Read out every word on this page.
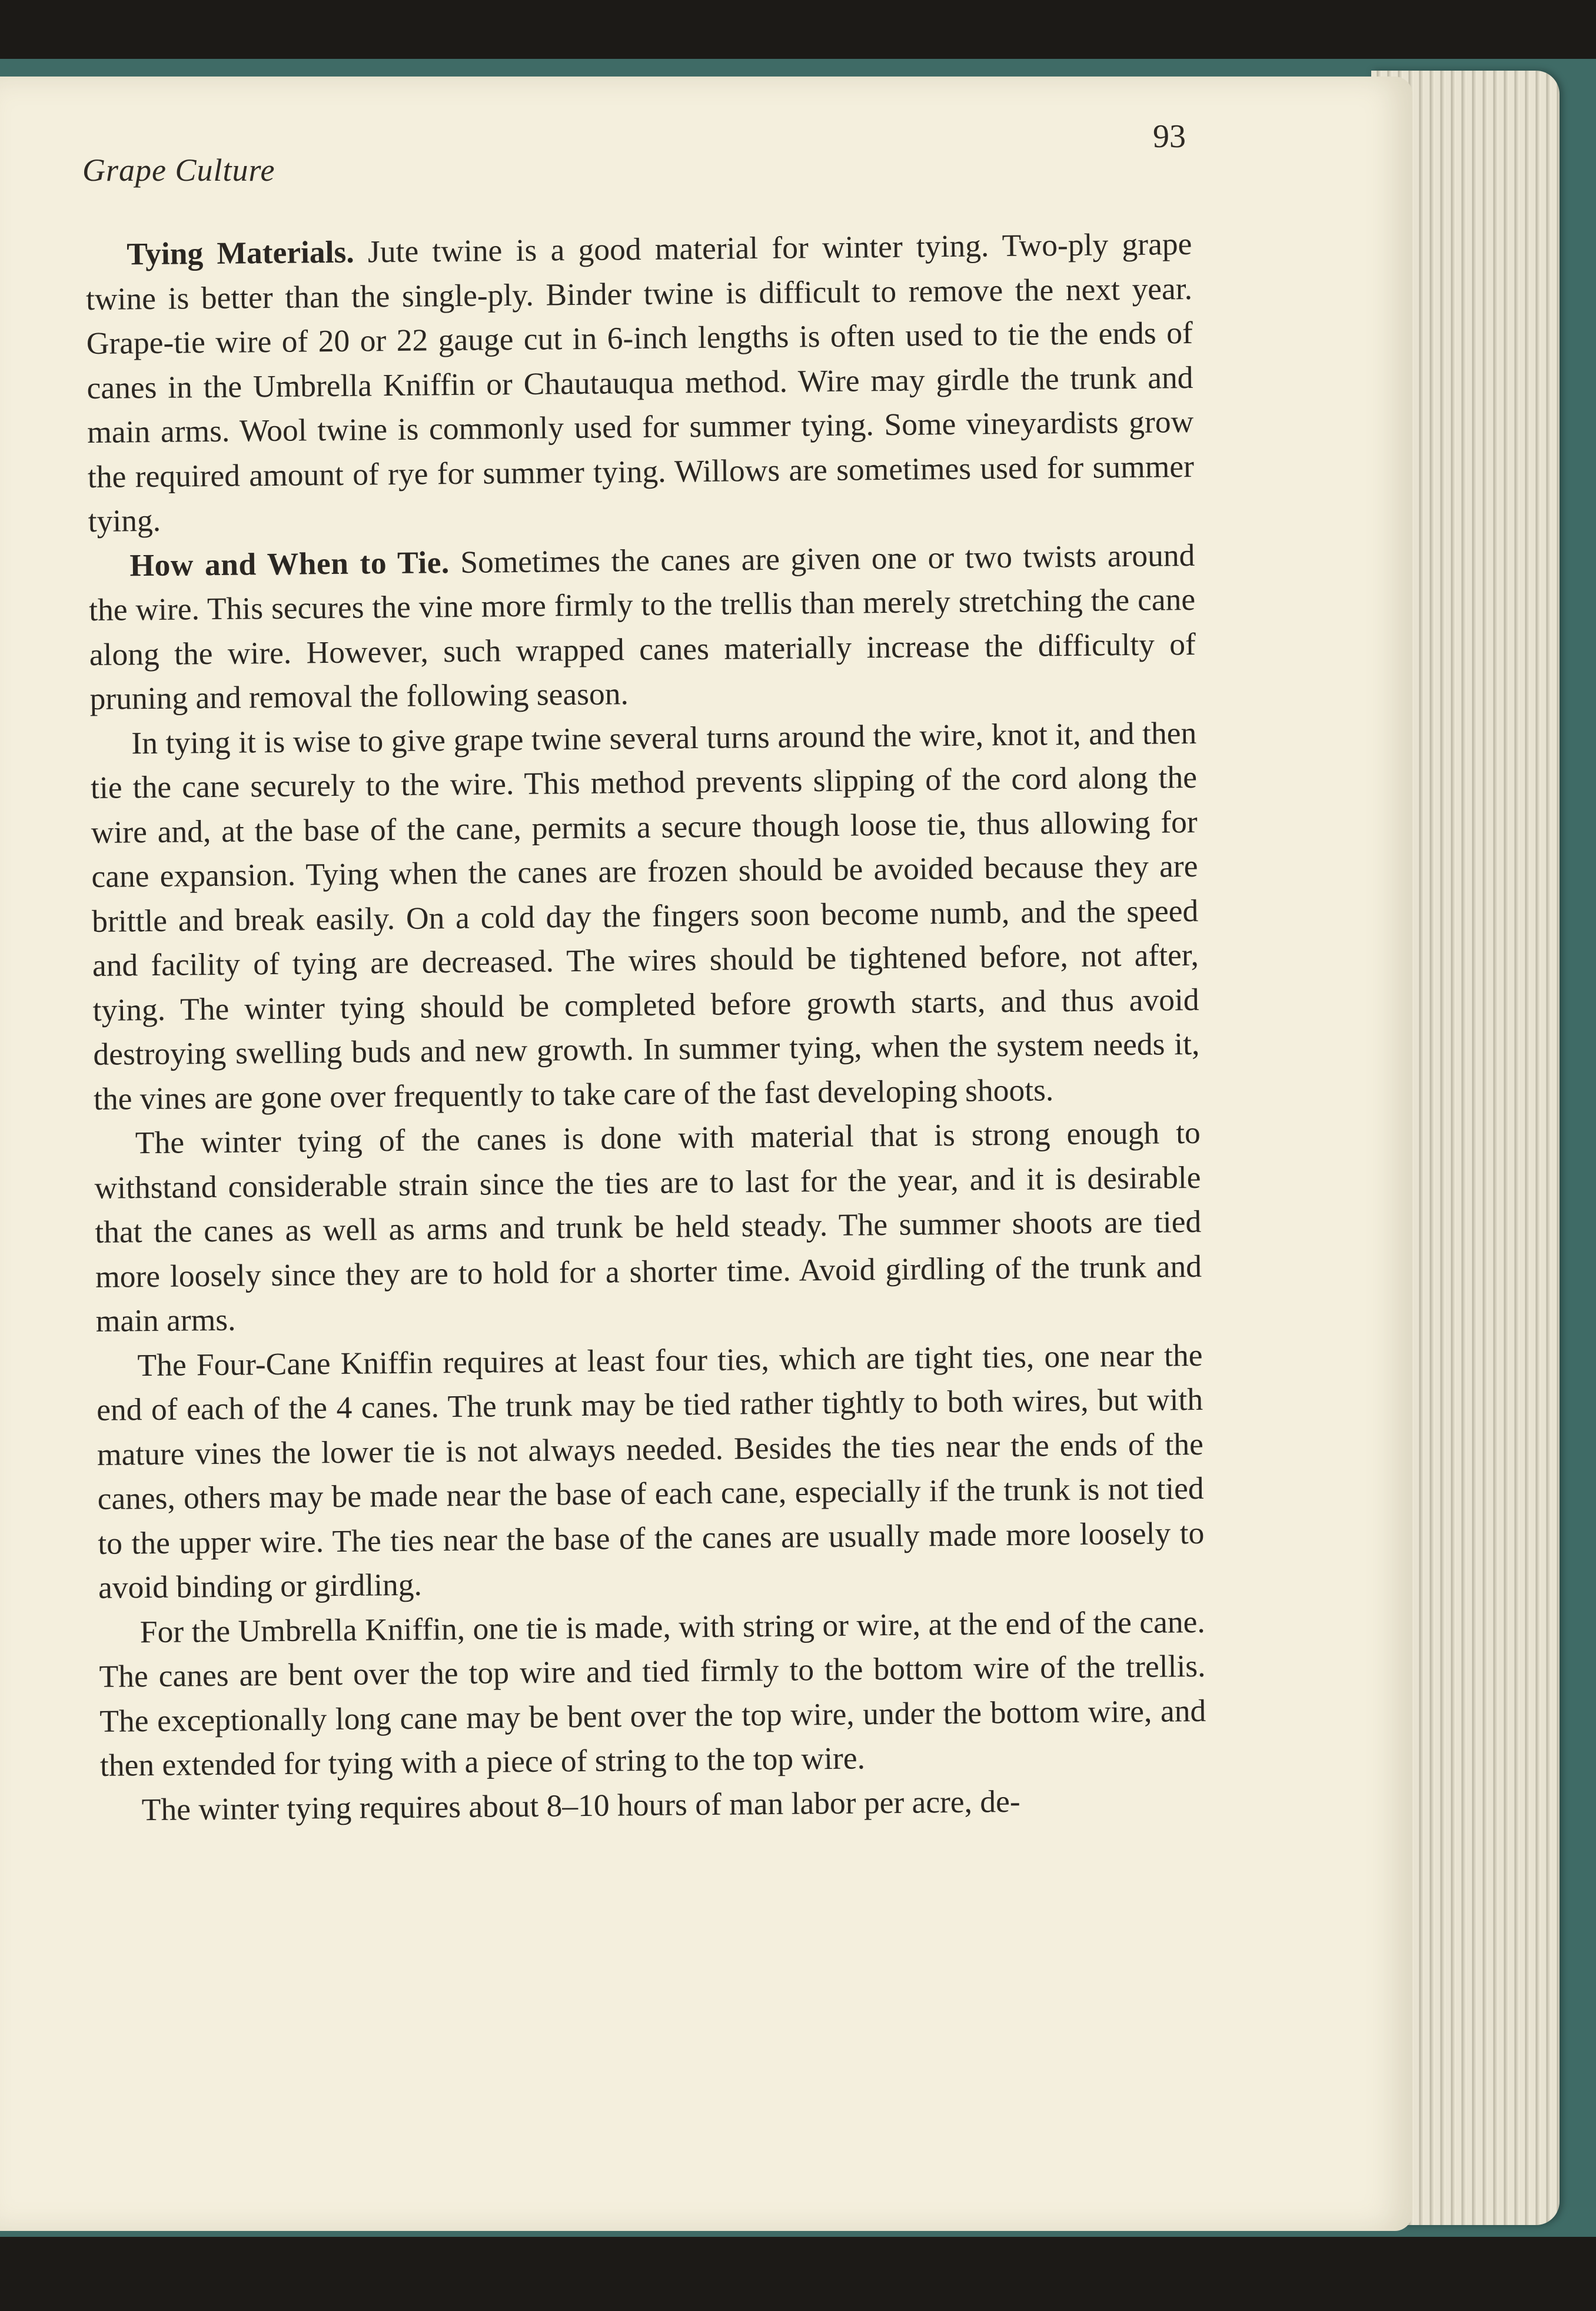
Grape Culture
93

Tying Materials. Jute twine is a good material for winter tying. Two-ply grape twine is better than the single-ply. Binder twine is difficult to remove the next year. Grape-tie wire of 20 or 22 gauge cut in 6-inch lengths is often used to tie the ends of canes in the Umbrella Kniffin or Chautauqua method. Wire may girdle the trunk and main arms. Wool twine is commonly used for summer tying. Some vineyardists grow the required amount of rye for summer tying. Willows are sometimes used for summer tying.

How and When to Tie. Sometimes the canes are given one or two twists around the wire. This secures the vine more firmly to the trellis than merely stretching the cane along the wire. However, such wrapped canes materially increase the difficulty of pruning and removal the following season.

In tying it is wise to give grape twine several turns around the wire, knot it, and then tie the cane securely to the wire. This method prevents slipping of the cord along the wire and, at the base of the cane, permits a secure though loose tie, thus allowing for cane expansion. Tying when the canes are frozen should be avoided because they are brittle and break easily. On a cold day the fingers soon become numb, and the speed and facility of tying are decreased. The wires should be tightened before, not after, tying. The winter tying should be completed before growth starts, and thus avoid destroying swelling buds and new growth. In summer tying, when the system needs it, the vines are gone over frequently to take care of the fast developing shoots.

The winter tying of the canes is done with material that is strong enough to withstand considerable strain since the ties are to last for the year, and it is desirable that the canes as well as arms and trunk be held steady. The summer shoots are tied more loosely since they are to hold for a shorter time. Avoid girdling of the trunk and main arms.

The Four-Cane Kniffin requires at least four ties, which are tight ties, one near the end of each of the 4 canes. The trunk may be tied rather tightly to both wires, but with mature vines the lower tie is not always needed. Besides the ties near the ends of the canes, others may be made near the base of each cane, especially if the trunk is not tied to the upper wire. The ties near the base of the canes are usually made more loosely to avoid binding or girdling.

For the Umbrella Kniffin, one tie is made, with string or wire, at the end of the cane. The canes are bent over the top wire and tied firmly to the bottom wire of the trellis. The exceptionally long cane may be bent over the top wire, under the bottom wire, and then extended for tying with a piece of string to the top wire.

The winter tying requires about 8–10 hours of man labor per acre, de-
